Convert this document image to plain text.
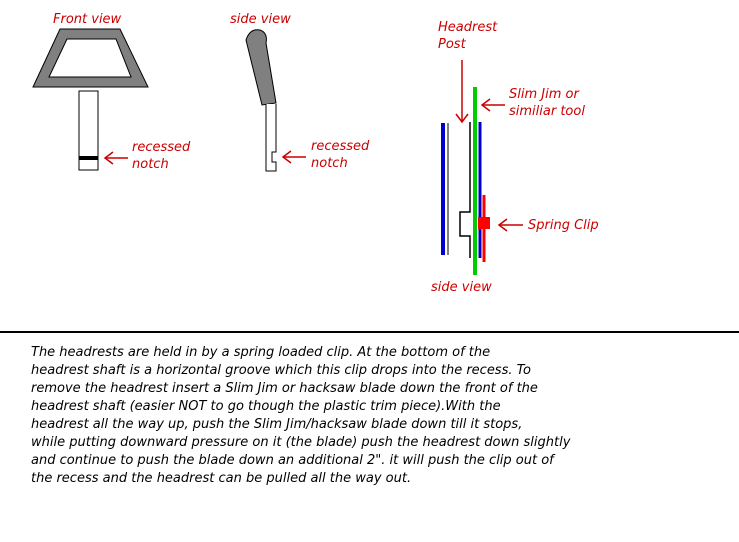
Front view
recessed
notch
side view
recessed
notch
Headrest
Post
Slim Jim or
similiar tool
Spring Clip
side view
The headrests are held in by a spring loaded clip. At the bottom of the
headrest shaft is a horizontal groove which this clip drops into the recess. To
remove the headrest insert a Slim Jim or hacksaw blade down the front of the
headrest shaft (easier NOT to go though the plastic trim piece).With the
headrest all the way up, push the Slim Jim/hacksaw blade down till it stops,
while putting downward pressure on it (the blade) push the headrest down slightly
and continue to push the blade down an additional 2". it will push the clip out of
the recess and the headrest can be pulled all the way out.
